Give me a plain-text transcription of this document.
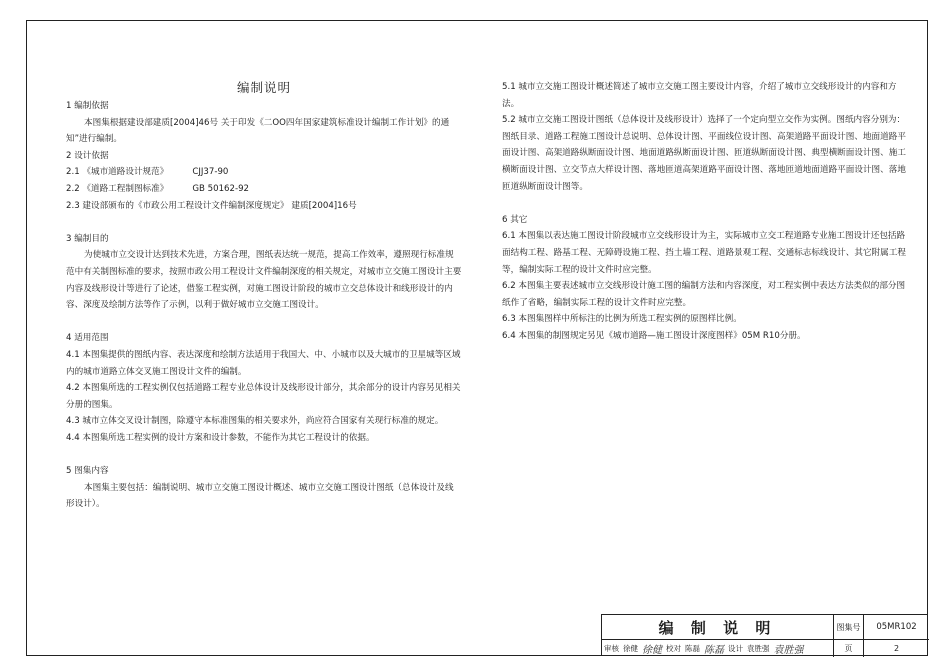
编制说明

1 编制依据

本图集根据建设部建质[2004]46号 关于印发《二OO四年国家建筑标准设计编制工作计划》的通知”进行编制。

2 设计依据

2.1 《城市道路设计规范》	CJJ37-90
2.2 《道路工程制图标准》	GB 50162-92

2.3 建设部颁布的《市政公用工程设计文件编制深度规定》 建质[2004]16号

3 编制目的

为使城市立交设计达到技术先进，方案合理，图纸表达统一规范，提高工作效率，遵照现行标准规范中有关制图标准的要求，按照市政公用工程设计文件编制深度的相关规定，对城市立交施工图设计主要内容及线形设计等进行了论述，借鉴工程实例，对施工图设计阶段的城市立交总体设计和线形设计的内容、深度及绘制方法等作了示例，以利于做好城市立交施工图设计。

4 适用范围

4.1 本图集提供的图纸内容、表达深度和绘制方法适用于我国大、中、小城市以及大城市的卫星城等区域内的城市道路立体交叉施工图设计文件的编制。

4.2 本图集所选的工程实例仅包括道路工程专业总体设计及线形设计部分，其余部分的设计内容另见相关分册的图集。

4.3 城市立体交叉设计制图，除遵守本标准图集的相关要求外，尚应符合国家有关现行标准的规定。

4.4 本图集所选工程实例的设计方案和设计参数，不能作为其它工程设计的依据。

5 图集内容

本图集主要包括：编制说明、城市立交施工图设计概述、城市立交施工图设计图纸（总体设计及线形设计）。

5.1 城市立交施工图设计概述简述了城市立交施工图主要设计内容，介绍了城市立交线形设计的内容和方法。

5.2 城市立交施工图设计图纸（总体设计及线形设计）选择了一个定向型立交作为实例。图纸内容分别为：图纸目录、道路工程施工图设计总说明、总体设计图、平面线位设计图、高架道路平面设计图、地面道路平面设计图、高架道路纵断面设计图、地面道路纵断面设计图、匝道纵断面设计图、典型横断面设计图、施工横断面设计图、立交节点大样设计图、落地匝道高架道路平面设计图、落地匝道地面道路平面设计图、落地匝道纵断面设计图等。

6 其它

6.1 本图集以表达施工图设计阶段城市立交线形设计为主，实际城市立交工程道路专业施工图设计还包括路面结构工程、路基工程、无障碍设施工程、挡土墙工程、道路景观工程、交通标志标线设计、其它附属工程等，编制实际工程的设计文件时应完整。

6.2 本图集主要表述城市立交线形设计施工图的编制方法和内容深度，对工程实例中表达方法类似的部分图纸作了省略，编制实际工程的设计文件时应完整。

6.3 本图集图样中所标注的比例为所选工程实例的原图样比例。

6.4 本图集的制图规定另见《城市道路—施工图设计深度图样》05M R10分册。

编 制 说 明	图集号	05MR102
审核 徐健 徐健 校对 陈磊 陈磊 设计 袁胜强 袁胜强	页	2
